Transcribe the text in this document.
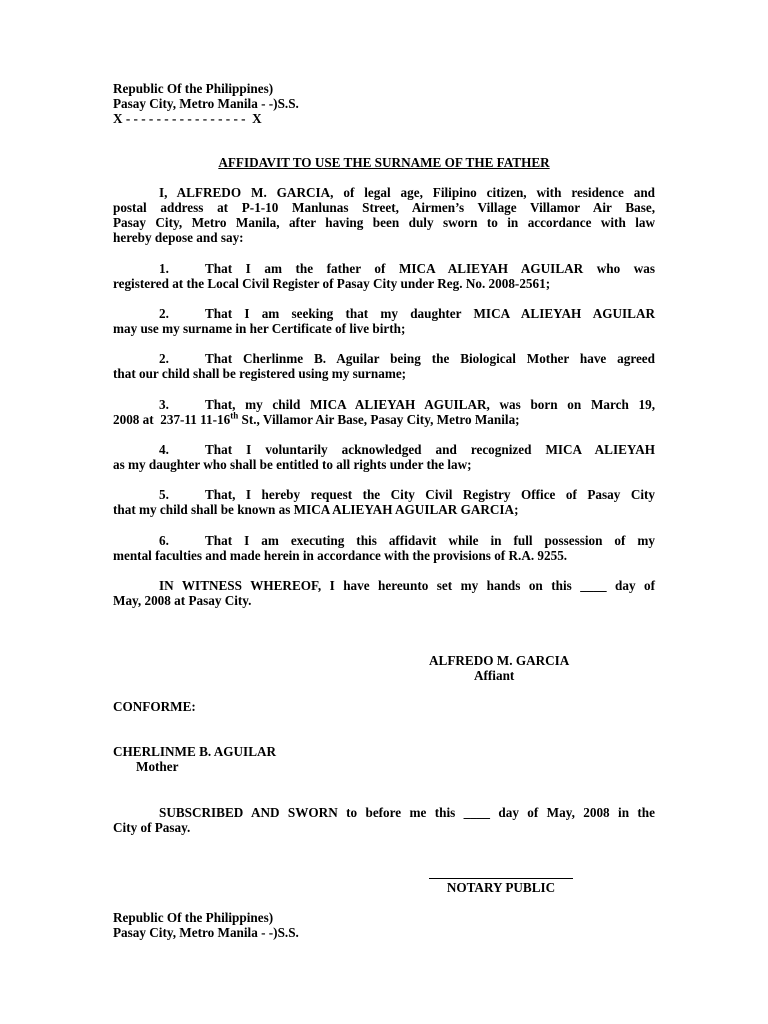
Republic Of the Philippines)
Pasay City, Metro Manila - -)S.S.
X - - - - - - - - - - - - - - - -  X
AFFIDAVIT TO USE THE SURNAME OF THE FATHER
I, ALFREDO M. GARCIA, of legal age, Filipino citizen, with residence and
postal address at P-1-10 Manlunas Street, Airmen’s Village Villamor Air Base,
Pasay City, Metro Manila, after having been duly sworn to in accordance with law
hereby depose and say:
1.	That I am the father of MICA ALIEYAH AGUILAR who was
registered at the Local Civil Register of Pasay City under Reg. No. 2008-2561;
2.	That I am seeking that my daughter MICA ALIEYAH AGUILAR
may use my surname in her Certificate of live birth;
2.	That Cherlinme B. Aguilar being the Biological Mother have agreed
that our child shall be registered using my surname;
3.	That, my child MICA ALIEYAH AGUILAR, was born on March 19,
2008 at  237-11 11-16th St., Villamor Air Base, Pasay City, Metro Manila;
4.	That I voluntarily acknowledged and recognized MICA ALIEYAH
as my daughter who shall be entitled to all rights under the law;
5.	That, I hereby request the City Civil Registry Office of Pasay City
that my child shall be known as MICA ALIEYAH AGUILAR GARCIA;
6.	That I am executing this affidavit while in full possession of my
mental faculties and made herein in accordance with the provisions of R.A. 9255.
IN WITNESS WHEREOF, I have hereunto set my hands on this ____ day of
May, 2008 at Pasay City.
ALFREDO M. GARCIA
Affiant
CONFORME:
CHERLINME B. AGUILAR
Mother
SUBSCRIBED AND SWORN to before me this ____ day of May, 2008 in the
City of Pasay.
NOTARY PUBLIC
Republic Of the Philippines)
Pasay City, Metro Manila - -)S.S.
